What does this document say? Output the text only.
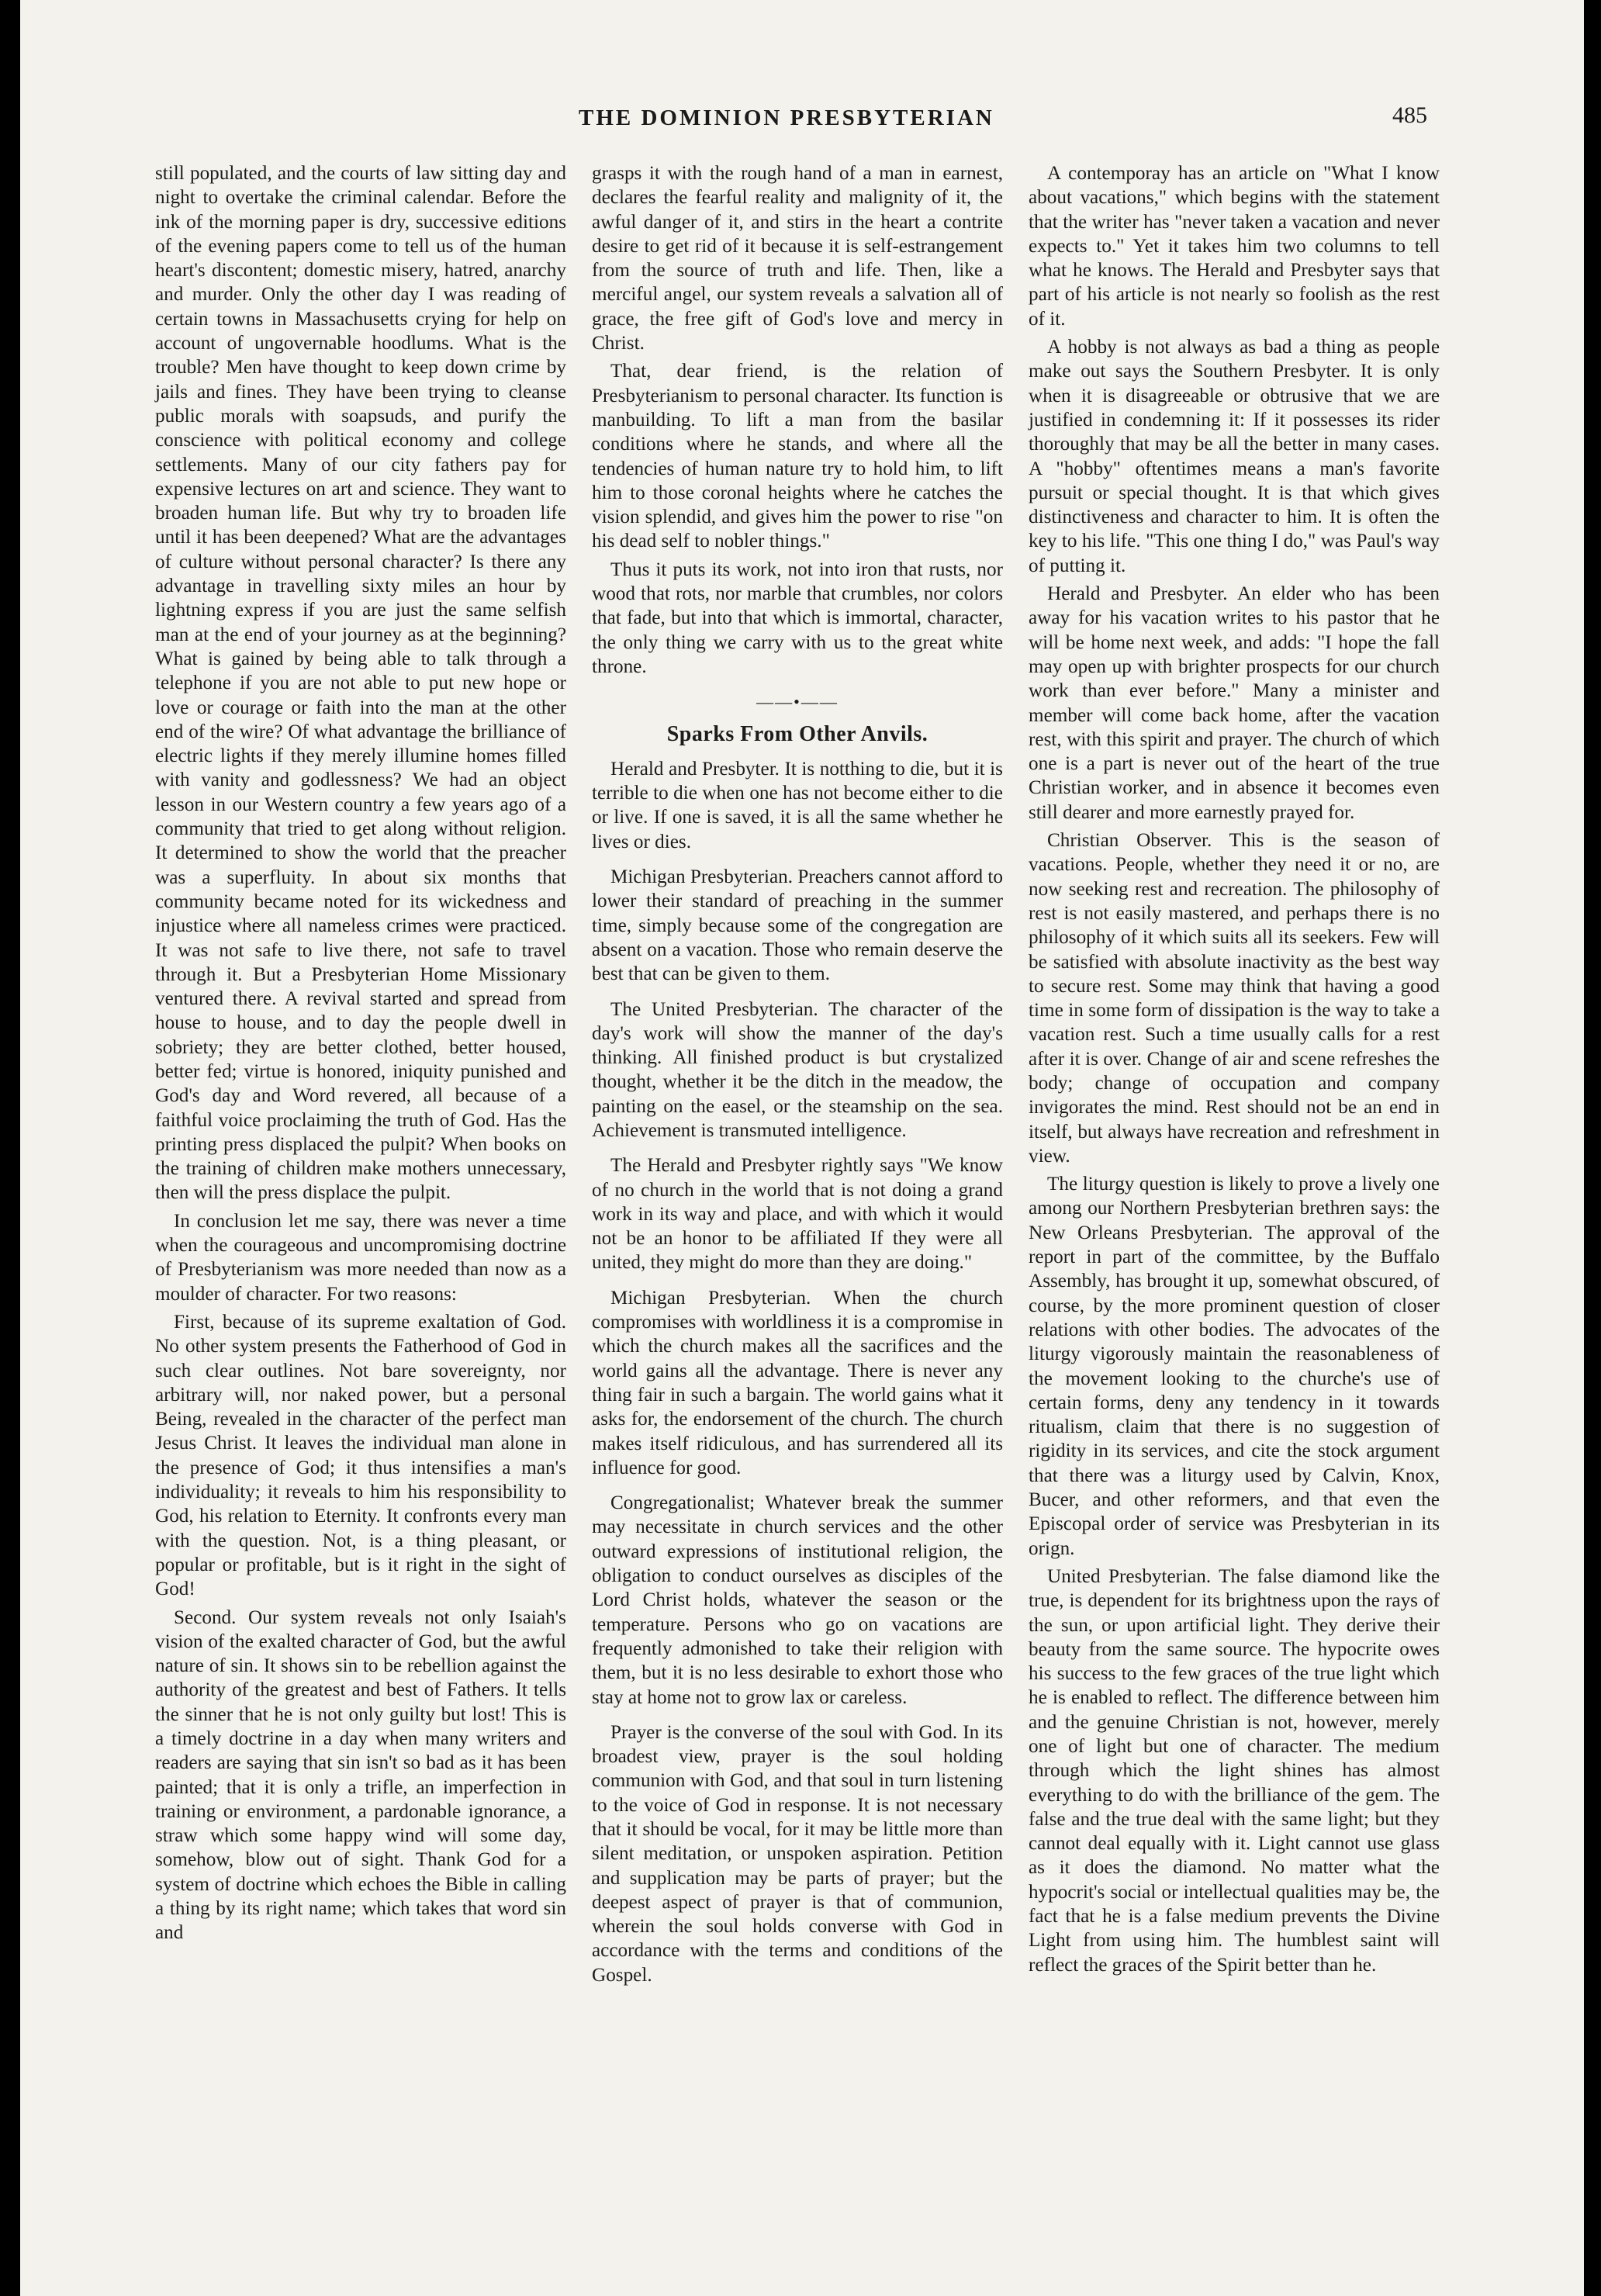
THE DOMINION PRESBYTERIAN	485

still populated, and the courts of law sitting day and night to overtake the criminal calendar. Before the ink of the morning paper is dry, successive editions of the evening papers come to tell us of the human heart's discontent; domestic misery, hatred, anarchy and murder. Only the other day I was reading of certain towns in Massachusetts crying for help on account of ungovernable hoodlums. What is the trouble? Men have thought to keep down crime by jails and fines. They have been trying to cleanse public morals with soapsuds, and purify the conscience with political economy and college settlements. Many of our city fathers pay for expensive lectures on art and science. They want to broaden human life. But why try to broaden life until it has been deepened? What are the advantages of culture without personal character? Is there any advantage in travelling sixty miles an hour by lightning express if you are just the same selfish man at the end of your journey as at the beginning? What is gained by being able to talk through a telephone if you are not able to put new hope or love or courage or faith into the man at the other end of the wire? Of what advantage the brilliance of electric lights if they merely illumine homes filled with vanity and godlessness? We had an object lesson in our Western country a few years ago of a community that tried to get along without religion. It determined to show the world that the preacher was a superfluity. In about six months that community became noted for its wickedness and injustice where all nameless crimes were practiced. It was not safe to live there, not safe to travel through it. But a Presbyterian Home Missionary ventured there. A revival started and spread from house to house, and to day the people dwell in sobriety; they are better clothed, better housed, better fed; virtue is honored, iniquity punished and God's day and Word revered, all because of a faithful voice proclaiming the truth of God. Has the printing press displaced the pulpit? When books on the training of children make mothers unnecessary, then will the press displace the pulpit.

In conclusion let me say, there was never a time when the courageous and uncompromising doctrine of Presbyterianism was more needed than now as a moulder of character. For two reasons:

First, because of its supreme exaltation of God. No other system presents the Fatherhood of God in such clear outlines. Not bare sovereignty, nor arbitrary will, nor naked power, but a personal Being, revealed in the character of the perfect man Jesus Christ. It leaves the individual man alone in the presence of God; it thus intensifies a man's individuality; it reveals to him his responsibility to God, his relation to Eternity. It confronts every man with the question. Not, is a thing pleasant, or popular or profitable, but is it right in the sight of God!

Second. Our system reveals not only Isaiah's vision of the exalted character of God, but the awful nature of sin. It shows sin to be rebellion against the authority of the greatest and best of Fathers. It tells the sinner that he is not only guilty but lost! This is a timely doctrine in a day when many writers and readers are saying that sin isn't so bad as it has been painted; that it is only a trifle, an imperfection in training or environment, a pardonable ignorance, a straw which some happy wind will some day, somehow, blow out of sight. Thank God for a system of doctrine which echoes the Bible in calling a thing by its right name; which takes that word sin and

grasps it with the rough hand of a man in earnest, declares the fearful reality and malignity of it, the awful danger of it, and stirs in the heart a contrite desire to get rid of it because it is self-estrangement from the source of truth and life. Then, like a merciful angel, our system reveals a salvation all of grace, the free gift of God's love and mercy in Christ.

That, dear friend, is the relation of Presbyterianism to personal character. Its function is manbuilding. To lift a man from the basilar conditions where he stands, and where all the tendencies of human nature try to hold him, to lift him to those coronal heights where he catches the vision splendid, and gives him the power to rise "on his dead self to nobler things."

Thus it puts its work, not into iron that rusts, nor wood that rots, nor marble that crumbles, nor colors that fade, but into that which is immortal, character, the only thing we carry with us to the great white throne.

——•——
Sparks From Other Anvils.

Herald and Presbyter. It is notthing to die, but it is terrible to die when one has not become either to die or live. If one is saved, it is all the same whether he lives or dies.

Michigan Presbyterian. Preachers cannot afford to lower their standard of preaching in the summer time, simply because some of the congregation are absent on a vacation. Those who remain deserve the best that can be given to them.

The United Presbyterian. The character of the day's work will show the manner of the day's thinking. All finished product is but crystalized thought, whether it be the ditch in the meadow, the painting on the easel, or the steamship on the sea. Achievement is transmuted intelligence.

The Herald and Presbyter rightly says "We know of no church in the world that is not doing a grand work in its way and place, and with which it would not be an honor to be affiliated If they were all united, they might do more than they are doing."

Michigan Presbyterian. When the church compromises with worldliness it is a compromise in which the church makes all the sacrifices and the world gains all the advantage. There is never any thing fair in such a bargain. The world gains what it asks for, the endorsement of the church. The church makes itself ridiculous, and has surrendered all its influence for good.

Congregationalist; Whatever break the summer may necessitate in church services and the other outward expressions of institutional religion, the obligation to conduct ourselves as disciples of the Lord Christ holds, whatever the season or the temperature. Persons who go on vacations are frequently admonished to take their religion with them, but it is no less desirable to exhort those who stay at home not to grow lax or careless.

Prayer is the converse of the soul with God. In its broadest view, prayer is the soul holding communion with God, and that soul in turn listening to the voice of God in response. It is not necessary that it should be vocal, for it may be little more than silent meditation, or unspoken aspiration. Petition and supplication may be parts of prayer; but the deepest aspect of prayer is that of communion, wherein the soul holds converse with God in accordance with the terms and conditions of the Gospel.

A contemporay has an article on "What I know about vacations," which begins with the statement that the writer has "never taken a vacation and never expects to." Yet it takes him two columns to tell what he knows. The Herald and Presbyter says that part of his article is not nearly so foolish as the rest of it.

A hobby is not always as bad a thing as people make out says the Southern Presbyter. It is only when it is disagreeable or obtrusive that we are justified in condemning it: If it possesses its rider thoroughly that may be all the better in many cases. A "hobby" oftentimes means a man's favorite pursuit or special thought. It is that which gives distinctiveness and character to him. It is often the key to his life. "This one thing I do," was Paul's way of putting it.

Herald and Presbyter. An elder who has been away for his vacation writes to his pastor that he will be home next week, and adds: "I hope the fall may open up with brighter prospects for our church work than ever before." Many a minister and member will come back home, after the vacation rest, with this spirit and prayer. The church of which one is a part is never out of the heart of the true Christian worker, and in absence it becomes even still dearer and more earnestly prayed for.

Christian Observer. This is the season of vacations. People, whether they need it or no, are now seeking rest and recreation. The philosophy of rest is not easily mastered, and perhaps there is no philosophy of it which suits all its seekers. Few will be satisfied with absolute inactivity as the best way to secure rest. Some may think that having a good time in some form of dissipation is the way to take a vacation rest. Such a time usually calls for a rest after it is over. Change of air and scene refreshes the body; change of occupation and company invigorates the mind. Rest should not be an end in itself, but always have recreation and refreshment in view.

The liturgy question is likely to prove a lively one among our Northern Presbyterian brethren says: the New Orleans Presbyterian. The approval of the report in part of the committee, by the Buffalo Assembly, has brought it up, somewhat obscured, of course, by the more prominent question of closer relations with other bodies. The advocates of the liturgy vigorously maintain the reasonableness of the movement looking to the churche's use of certain forms, deny any tendency in it towards ritualism, claim that there is no suggestion of rigidity in its services, and cite the stock argument that there was a liturgy used by Calvin, Knox, Bucer, and other reformers, and that even the Episcopal order of service was Presbyterian in its orign.

United Presbyterian. The false diamond like the true, is dependent for its brightness upon the rays of the sun, or upon artificial light. They derive their beauty from the same source. The hypocrite owes his success to the few graces of the true light which he is enabled to reflect. The difference between him and the genuine Christian is not, however, merely one of light but one of character. The medium through which the light shines has almost everything to do with the brilliance of the gem. The false and the true deal with the same light; but they cannot deal equally with it. Light cannot use glass as it does the diamond. No matter what the hypocrit's social or intellectual qualities may be, the fact that he is a false medium prevents the Divine Light from using him. The humblest saint will reflect the graces of the Spirit better than he.
